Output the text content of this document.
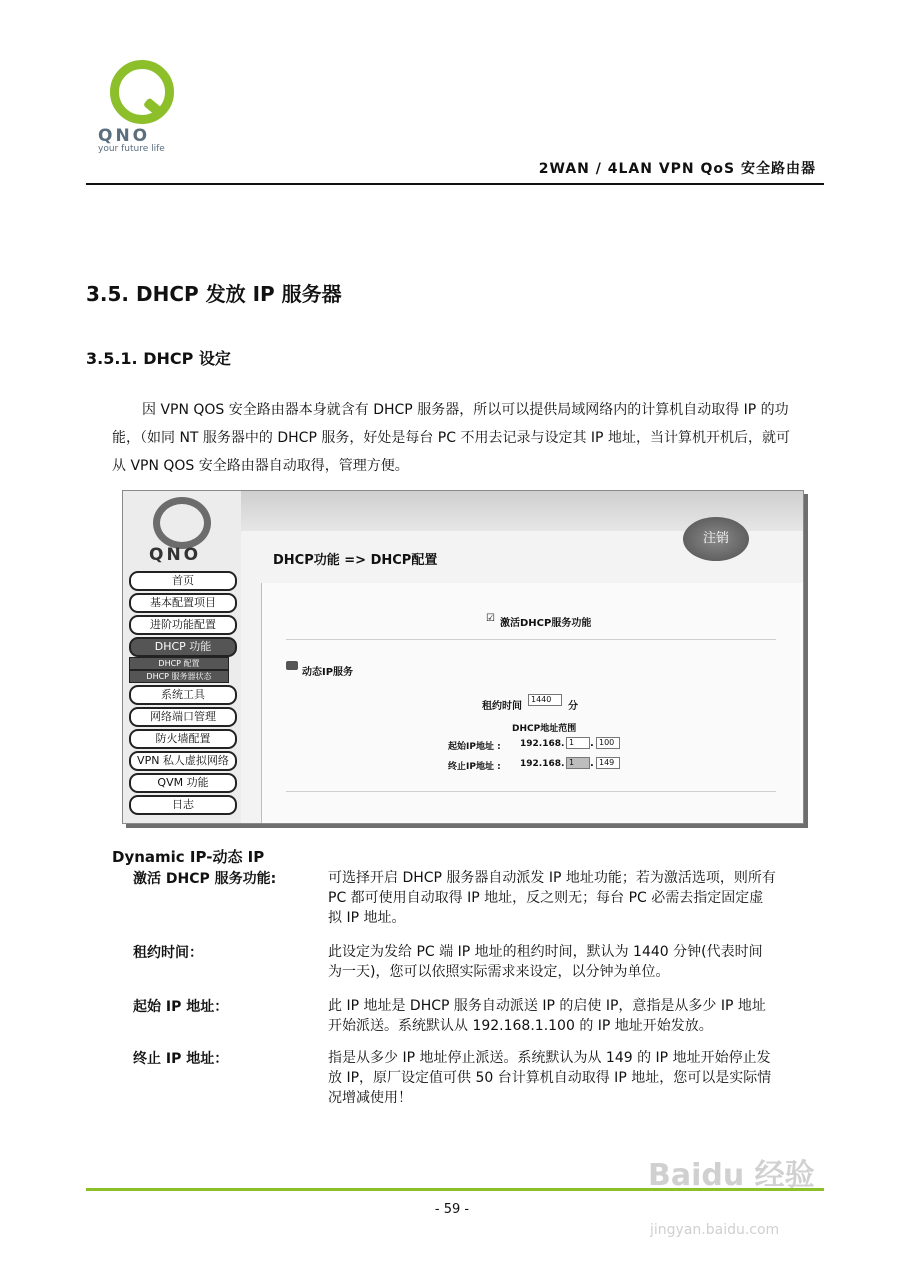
QNO
your future life
2WAN / 4LAN VPN QoS 安全路由器
3.5. DHCP 发放 IP 服务器
3.5.1. DHCP 设定
因 VPN QOS 安全路由器本身就含有 DHCP 服务器，所以可以提供局域网络内的计算机自动取得 IP 的功能，（如同 NT 服务器中的 DHCP 服务，好处是每台 PC 不用去记录与设定其 IP 地址，当计算机开机后，就可从 VPN QOS 安全路由器自动取得，管理方便。
QNO
注销
DHCP功能 => DHCP配置
首页
基本配置项目
进阶功能配置
DHCP 功能
DHCP 配置
DHCP 服务器状态
系统工具
网络端口管理
防火墙配置
VPN 私人虚拟网络
QVM 功能
日志
☑ 激活DHCP服务功能
动态IP服务
租约时间
1440
分
DHCP地址范围
起始IP地址 : 192.168. 1	. 100
终止IP地址 : 192.168. 1	. 149
Dynamic IP-动态 IP
激活 DHCP 服务功能:	可选择开启 DHCP 服务器自动派发 IP 地址功能；若为激活选项，则所有 PC 都可使用自动取得 IP 地址，反之则无；每台 PC 必需去指定固定虚拟 IP 地址。
租约时间：	此设定为发给 PC 端 IP 地址的租约时间，默认为 1440 分钟(代表时间为一天)，您可以依照实际需求来设定，以分钟为单位。
起始 IP 地址：	此 IP 地址是 DHCP 服务自动派送 IP 的启使 IP，意指是从多少 IP 地址开始派送。系统默认从 192.168.1.100 的 IP 地址开始发放。
终止 IP 地址：	指是从多少 IP 地址停止派送。系统默认为从 149 的 IP 地址开始停止发放 IP，原厂设定值可供 50 台计算机自动取得 IP 地址，您可以是实际情况增减使用！
- 59 -
Baidu 经验
jingyan.baidu.com
